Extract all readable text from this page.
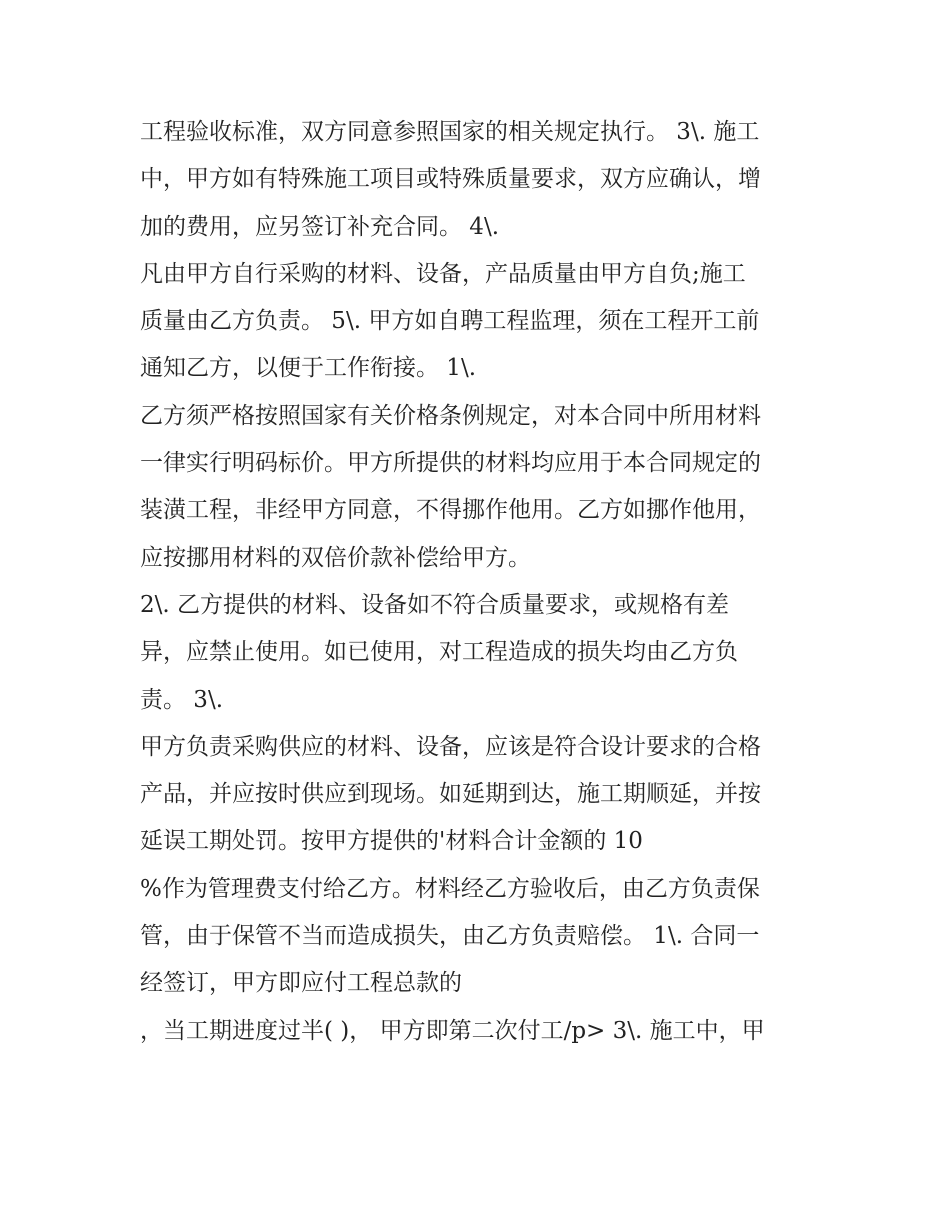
工程验收标准，双方同意参照国家的相关规定执行。 3\. 施工
中，甲方如有特殊施工项目或特殊质量要求，双方应确认，增
加的费用，应另签订补充合同。 4\.
凡由甲方自行采购的材料、设备，产品质量由甲方自负;施工
质量由乙方负责。 5\. 甲方如自聘工程监理，须在工程开工前
通知乙方，以便于工作衔接。 1\.
乙方须严格按照国家有关价格条例规定，对本合同中所用材料
一律实行明码标价。甲方所提供的材料均应用于本合同规定的
装潢工程，非经甲方同意，不得挪作他用。乙方如挪作他用，
应按挪用材料的双倍价款补偿给甲方。
2\. 乙方提供的材料、设备如不符合质量要求，或规格有差
异，应禁止使用。如已使用，对工程造成的损失均由乙方负
责。 3\.
甲方负责采购供应的材料、设备，应该是符合设计要求的合格
产品，并应按时供应到现场。如延期到达，施工期顺延，并按
延误工期处罚。按甲方提供的'材料合计金额的 10
%作为管理费支付给乙方。材料经乙方验收后，由乙方负责保
管，由于保管不当而造成损失，由乙方负责赔偿。 1\. 合同一
经签订，甲方即应付工程总款的
，当工期进度过半( )， 甲方即第二次付工/p> 3\. 施工中，甲
